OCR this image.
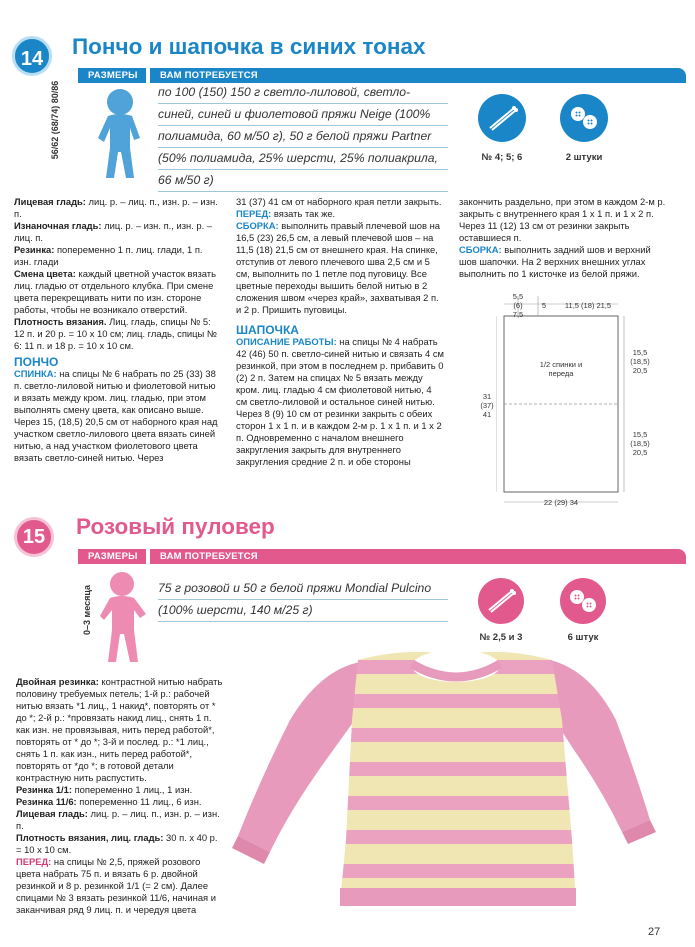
14	Пончо и шапочка в синих тонах
РАЗМЕРЫ	ВАМ ПОТРЕБУЕТСЯ
56/62 (68/74) 80/86	по 100 (150) 150 г светло-лиловой, светло-
синей, синей и фиолетовой пряжи Neige (100%
полиамида, 60 м/50 г), 50 г белой пряжи Partner
(50% полиамида, 25% шерсти, 25% полиакрила,
66 м/50 г)
№ 4; 5; 6	2 штуки

Лицевая гладь: лиц. р. – лиц. п., изн. р. – изн. п.

Изнаночная гладь: лиц. р. – изн. п., изн. р. – лиц. п.

Резинка: попеременно 1 п. лиц. глади, 1 п. изн. глади

Смена цвета: каждый цветной участок вязать лиц. гладью от отдельного клубка. При смене цвета перекрещивать нити по изн. стороне работы, чтобы не возникало отверстий.

Плотность вязания. Лиц. гладь, спицы № 5: 12 п. и 20 р. = 10 х 10 см; лиц. гладь, спицы № 6: 11 п. и 18 р. = 10 х 10 см.

ПОНЧО

СПИНКА: на спицы № 6 набрать по 25 (33) 38 п. светло-лиловой нитью и фиолетовой нитью и вязать между кром. лиц. гладью, при этом выполнять смену цвета, как описано выше. Через 15, (18,5) 20,5 см от наборного края над участком светло-лилового цвета вязать синей нитью, а над участком фиолетового цвета вязать светло-синей нитью. Через

31 (37) 41 см от наборного края петли закрыть.

ПЕРЕД: вязать так же.

СБОРКА: выполнить правый плечевой шов на 16,5 (23) 26,5 см, а левый плечевой шов – на 11,5 (18) 21,5 см от внешнего края. На спинке, отступив от левого плечевого шва 2,5 см и 5 см, выполнить по 1 петле под пуговицу. Все цветные переходы вышить белой нитью в 2 сложения швом «через край», захватывая 2 п. и 2 р. Пришить пуговицы.

ШАПОЧКА

ОПИСАНИЕ РАБОТЫ: на спицы № 4 набрать 42 (46) 50 п. светло-синей нитью и связать 4 см резинкой, при этом в последнем р. прибавить 0 (2) 2 п. Затем на спицах № 5 вязать между кром. лиц. гладью 4 см фиолетовой нитью, 4 см светло-лиловой и остальное синей нитью. Через 8 (9) 10 см от резинки закрыть с обеих сторон 1 х 1 п. и в каждом 2-м р. 1 х 1 п. и 1 х 2 п. Одновременно с началом внешнего закругления закрыть для внутреннего закругления средние 2 п. и обе стороны

закончить раздельно, при этом в каждом 2-м р. закрыть с внутреннего края 1 х 1 п. и 1 х 2 п. Через 11 (12) 13 см от резинки закрыть оставшиеся п.

СБОРКА: выполнить задний шов и верхний шов шапочки. На 2 верхних внешних углах выполнить по 1 кисточке из белой пряжи.

5,5
(6)
7,5
5	11,5 (18) 21,5
1/2 спинки и переда
31
(37)
41
15,5
(18,5)
20,5
15,5
(18,5)
20,5
22 (29) 34
15	Розовый пуловер
РАЗМЕРЫ	ВАМ ПОТРЕБУЕТСЯ
0–3 месяца	75 г розовой и 50 г белой пряжи Mondial Pulcino
(100% шерсти, 140 м/25 г)
№ 2,5 и 3	6 штук

Двойная резинка: контрастной нитью набрать половину требуемых петель; 1-й р.: рабочей нитью вязать *1 лиц., 1 накид*, повторять от * до *; 2-й р.: *провязать накид лиц., снять 1 п. как изн. не провязывая, нить перед работой*, повторять от * до *; 3-й и послед. р.: *1 лиц., снять 1 п. как изн., нить перед работой*, повторять от *до *; в готовой детали контрастную нить распустить.

Резинка 1/1: попеременно 1 лиц., 1 изн.

Резинка 11/6: попеременно 11 лиц., 6 изн.

Лицевая гладь: лиц. р. – лиц. п., изн. р. – изн. п.

Плотность вязания, лиц. гладь: 30 п. х 40 р. = 10 х 10 см.

ПЕРЕД: на спицы № 2,5, пряжей розового цвета набрать 75 п. и вязать 6 р. двойной резинкой и 8 р. резинкой 1/1 (= 2 см). Далее спицами № 3 вязать резинкой 11/6, начиная и заканчивая ряд 9 лиц. п. и чередуя цвета

27
